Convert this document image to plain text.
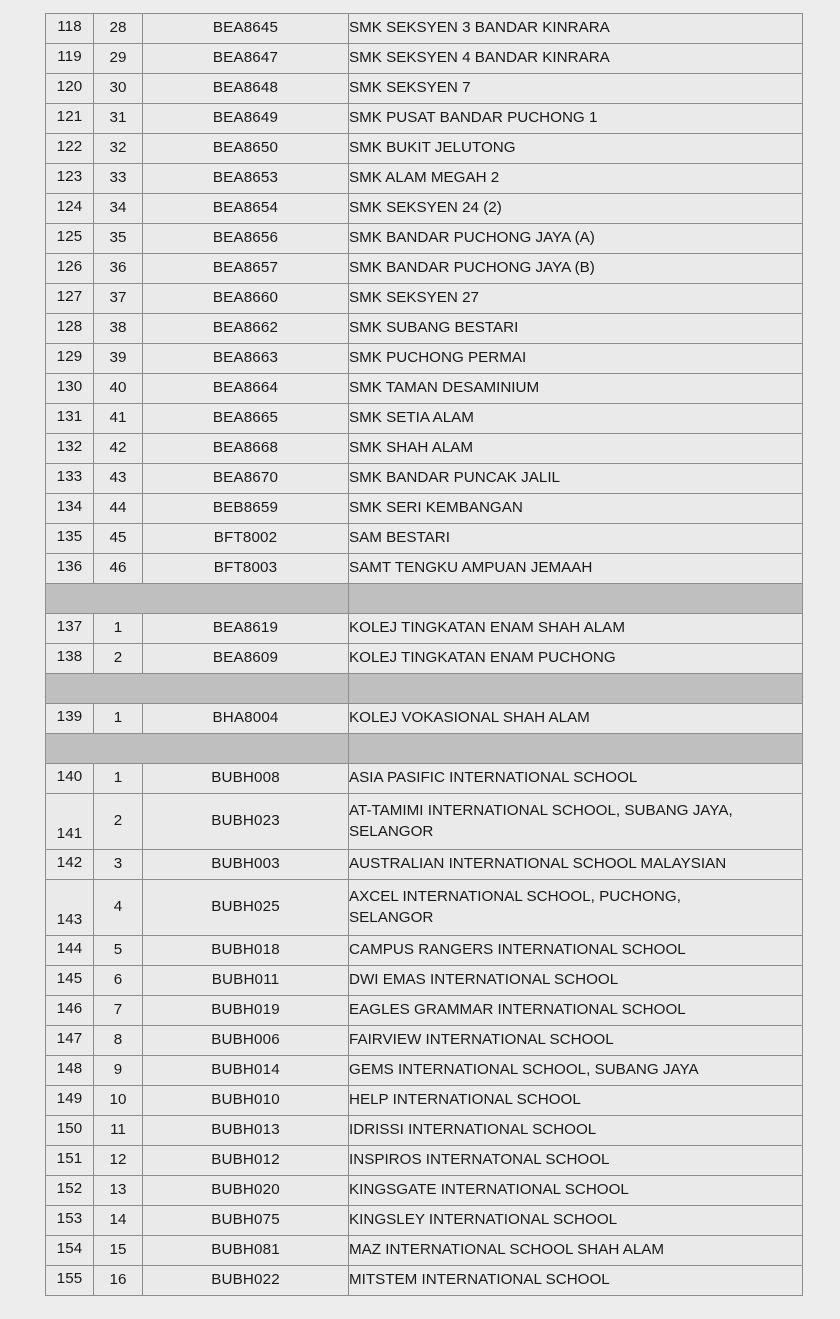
118	28	BEA8645	SMK SEKSYEN 3 BANDAR KINRARA

119	29	BEA8647	SMK SEKSYEN 4 BANDAR KINRARA

120	30	BEA8648	SMK SEKSYEN 7

121	31	BEA8649	SMK PUSAT BANDAR PUCHONG 1

122	32	BEA8650	SMK BUKIT JELUTONG

123	33	BEA8653	SMK ALAM MEGAH 2

124	34	BEA8654	SMK SEKSYEN 24 (2)

125	35	BEA8656	SMK BANDAR PUCHONG JAYA (A)

126	36	BEA8657	SMK BANDAR PUCHONG JAYA (B)

127	37	BEA8660	SMK SEKSYEN 27

128	38	BEA8662	SMK SUBANG BESTARI

129	39	BEA8663	SMK PUCHONG PERMAI

130	40	BEA8664	SMK TAMAN DESAMINIUM

131	41	BEA8665	SMK SETIA ALAM

132	42	BEA8668	SMK SHAH ALAM

133	43	BEA8670	SMK BANDAR PUNCAK JALIL

134	44	BEB8659	SMK SERI KEMBANGAN

135	45	BFT8002	SAM BESTARI

136	46	BFT8003	SAMT TENGKU AMPUAN JEMAAH

137	1	BEA8619	KOLEJ TINGKATAN ENAM SHAH ALAM

138	2	BEA8609	KOLEJ TINGKATAN ENAM PUCHONG

139	1	BHA8004	KOLEJ VOKASIONAL SHAH ALAM

140	1	BUBH008	ASIA PASIFIC INTERNATIONAL SCHOOL

141	2	BUBH023	AT-TAMIMI INTERNATIONAL SCHOOL, SUBANG JAYA,
SELANGOR

142	3	BUBH003	AUSTRALIAN INTERNATIONAL SCHOOL MALAYSIAN

143	4	BUBH025	AXCEL INTERNATIONAL SCHOOL, PUCHONG,
SELANGOR

144	5	BUBH018	CAMPUS RANGERS INTERNATIONAL SCHOOL

145	6	BUBH011	DWI EMAS INTERNATIONAL SCHOOL

146	7	BUBH019	EAGLES GRAMMAR INTERNATIONAL SCHOOL

147	8	BUBH006	FAIRVIEW INTERNATIONAL SCHOOL

148	9	BUBH014	GEMS INTERNATIONAL SCHOOL, SUBANG JAYA

149	10	BUBH010	HELP INTERNATIONAL SCHOOL

150	11	BUBH013	IDRISSI INTERNATIONAL SCHOOL

151	12	BUBH012	INSPIROS INTERNATONAL SCHOOL

152	13	BUBH020	KINGSGATE INTERNATIONAL SCHOOL

153	14	BUBH075	KINGSLEY INTERNATIONAL SCHOOL

154	15	BUBH081	MAZ INTERNATIONAL SCHOOL SHAH ALAM

155	16	BUBH022	MITSTEM INTERNATIONAL SCHOOL
